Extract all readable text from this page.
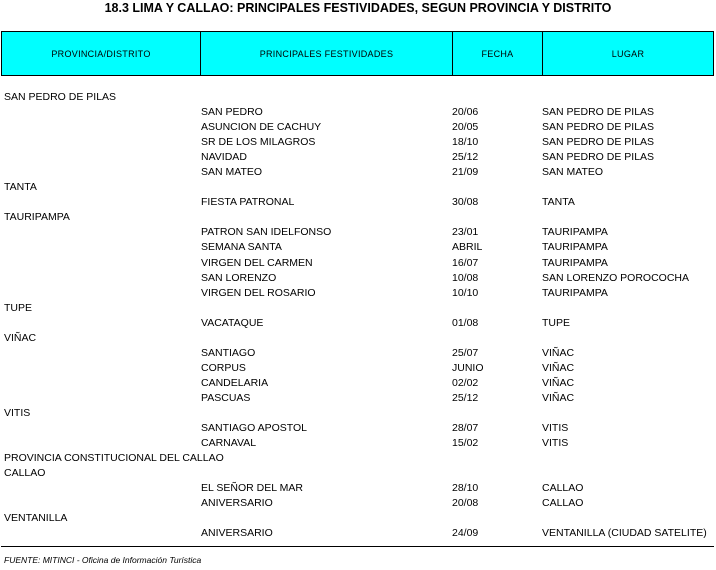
18.3 LIMA Y CALLAO: PRINCIPALES FESTIVIDADES, SEGUN PROVINCIA Y DISTRITO
PROVINCIA/DISTRITO	PRINCIPALES FESTIVIDADES	FECHA	LUGAR
SAN PEDRO DE PILAS
SAN PEDRO	20/06	SAN PEDRO DE PILAS
ASUNCION DE CACHUY	20/05	SAN PEDRO DE PILAS
SR DE LOS MILAGROS	18/10	SAN PEDRO DE PILAS
NAVIDAD	25/12	SAN PEDRO DE PILAS
SAN MATEO	21/09	SAN MATEO
TANTA
FIESTA PATRONAL	30/08	TANTA
TAURIPAMPA
PATRON SAN IDELFONSO	23/01	TAURIPAMPA
SEMANA SANTA	ABRIL	TAURIPAMPA
VIRGEN DEL CARMEN	16/07	TAURIPAMPA
SAN LORENZO	10/08	SAN LORENZO POROCOCHA
VIRGEN DEL ROSARIO	10/10	TAURIPAMPA
TUPE
VACATAQUE	01/08	TUPE
VIÑAC
SANTIAGO	25/07	VIÑAC
CORPUS	JUNIO	VIÑAC
CANDELARIA	02/02	VIÑAC
PASCUAS	25/12	VIÑAC
VITIS
SANTIAGO APOSTOL	28/07	VITIS
CARNAVAL	15/02	VITIS
PROVINCIA CONSTITUCIONAL DEL CALLAO
CALLAO
EL SEÑOR DEL MAR	28/10	CALLAO
ANIVERSARIO	20/08	CALLAO
VENTANILLA
ANIVERSARIO	24/09	VENTANILLA (CIUDAD SATELITE)
FUENTE: MITINCI - Oficina de Información Turística
